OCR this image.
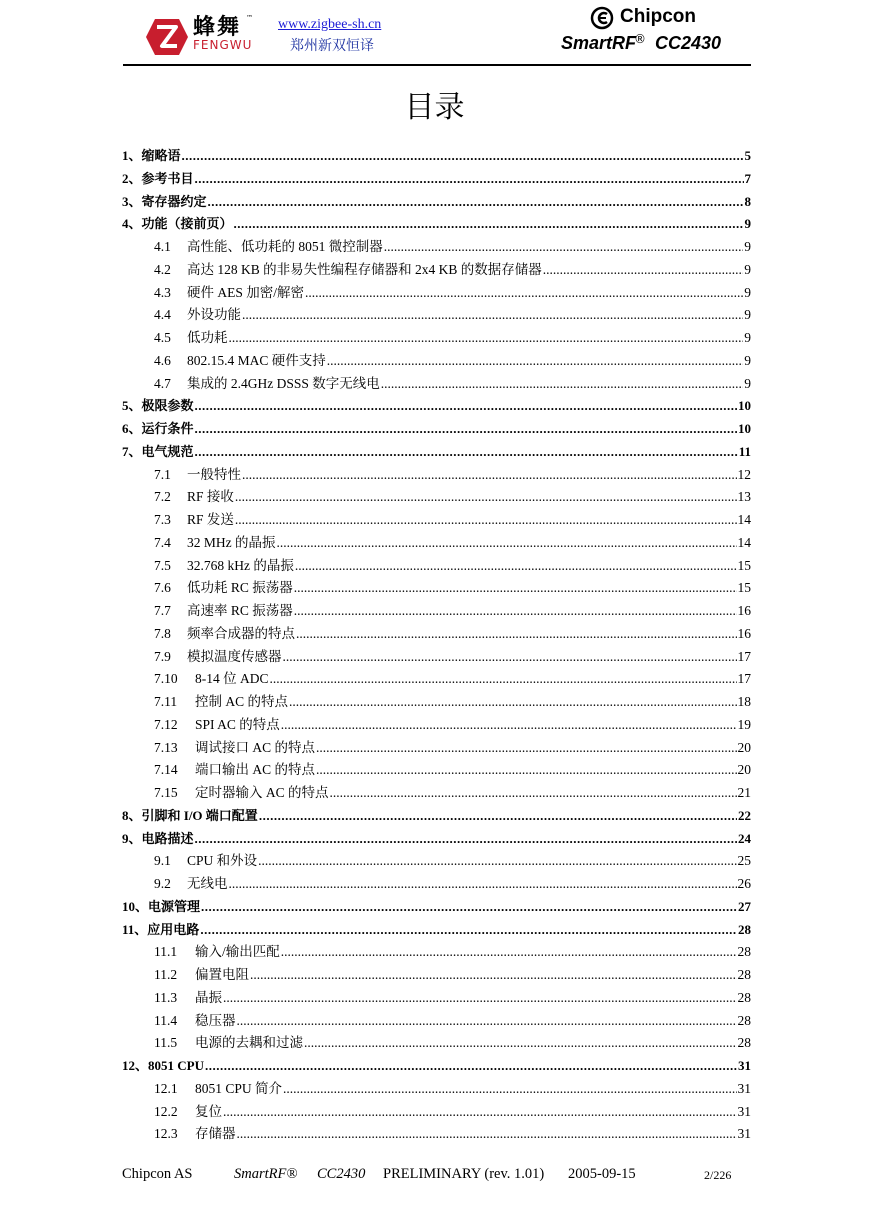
蜂舞 ™
FENGWU
www.zigbee-sh.cn
郑州新双恒译
Chipcon
SmartRF
® CC2430
目录
1、 缩略语 .....	5
2、 参考书目 .....	7
3、 寄存器约定 .....	8
4、 功能（接前页） .....	9
4.1	高性能、低功耗的 8051 微控制器 .....	9
4.2	高达 128 KB 的非易失性编程存储器和 2x4 KB 的数据存储器 .....	9
4.3	硬件 AES 加密/解密 .....	9
4.4	外设功能 .....	9
4.5	低功耗 .....	9
4.6	802.15.4 MAC 硬件支持 .....	9
4.7	集成的 2.4GHz DSSS 数字无线电 .....	9
5、 极限参数 .....	10
6、 运行条件 .....	10
7、 电气规范 .....	11
7.1	一般特性 .....	12
7.2	RF 接收 .....	13
7.3	RF 发送 .....	14
7.4	32 MHz 的晶振 .....	14
7.5	32.768 kHz 的晶振 .....	15
7.6	低功耗 RC 振荡器 .....	15
7.7	高速率 RC 振荡器 .....	16
7.8	频率合成器的特点 .....	16
7.9	模拟温度传感器 .....	17
7.10	8-14 位 ADC .....	17
7.11	控制 AC 的特点 .....	18
7.12	SPI AC 的特点 .....	19
7.13	调试接口 AC 的特点 .....	20
7.14	端口输出 AC 的特点 .....	20
7.15	定时器输入 AC 的特点 .....	21
8、 引脚和 I/O 端口配置 .....	22
9、 电路描述 .....	24
9.1	CPU 和外设 .....	25
9.2	无线电 .....	26
10、 电源管理 .....	27
11、 应用电路 .....	28
11.1	输入/输出匹配 .....	28
11.2	偏置电阻 .....	28
11.3	晶振 .....	28
11.4	稳压器 .....	28
11.5	电源的去耦和过滤 .....	28
12、 8051 CPU .....	31
12.1	8051 CPU 简介 .....	31
12.2	复位 .....	31
12.3	存储器 .....	31
Chipcon AS	SmartRF® CC2430 PRELIMINARY (rev. 1.01) 2005-09-15	2/226
